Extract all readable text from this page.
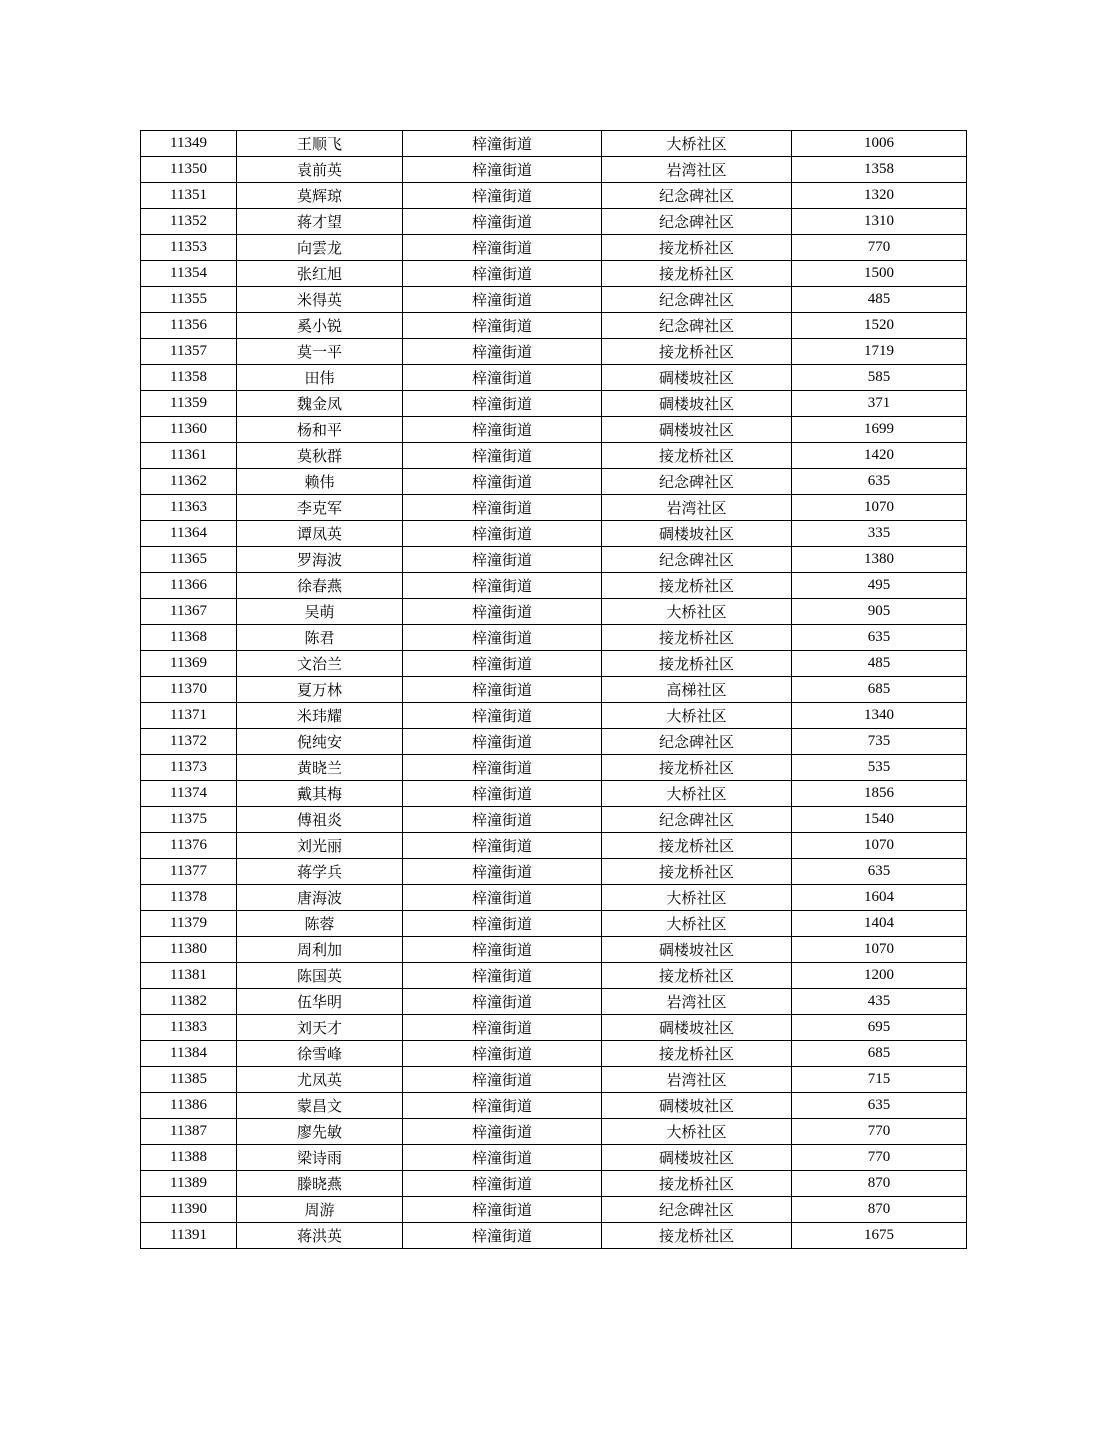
11349	王顺飞	梓潼街道	大桥社区	1006
11350	袁前英	梓潼街道	岩湾社区	1358
11351	莫辉琼	梓潼街道	纪念碑社区	1320
11352	蒋才望	梓潼街道	纪念碑社区	1310
11353	向雲龙	梓潼街道	接龙桥社区	770
11354	张红旭	梓潼街道	接龙桥社区	1500
11355	米得英	梓潼街道	纪念碑社区	485
11356	奚小锐	梓潼街道	纪念碑社区	1520
11357	莫一平	梓潼街道	接龙桥社区	1719
11358	田伟	梓潼街道	碉楼坡社区	585
11359	魏金凤	梓潼街道	碉楼坡社区	371
11360	杨和平	梓潼街道	碉楼坡社区	1699
11361	莫秋群	梓潼街道	接龙桥社区	1420
11362	赖伟	梓潼街道	纪念碑社区	635
11363	李克军	梓潼街道	岩湾社区	1070
11364	谭凤英	梓潼街道	碉楼坡社区	335
11365	罗海波	梓潼街道	纪念碑社区	1380
11366	徐春燕	梓潼街道	接龙桥社区	495
11367	吴萌	梓潼街道	大桥社区	905
11368	陈君	梓潼街道	接龙桥社区	635
11369	文治兰	梓潼街道	接龙桥社区	485
11370	夏万林	梓潼街道	高梯社区	685
11371	米玮耀	梓潼街道	大桥社区	1340
11372	倪纯安	梓潼街道	纪念碑社区	735
11373	黄晓兰	梓潼街道	接龙桥社区	535
11374	戴其梅	梓潼街道	大桥社区	1856
11375	傅祖炎	梓潼街道	纪念碑社区	1540
11376	刘光丽	梓潼街道	接龙桥社区	1070
11377	蒋学兵	梓潼街道	接龙桥社区	635
11378	唐海波	梓潼街道	大桥社区	1604
11379	陈蓉	梓潼街道	大桥社区	1404
11380	周利加	梓潼街道	碉楼坡社区	1070
11381	陈国英	梓潼街道	接龙桥社区	1200
11382	伍华明	梓潼街道	岩湾社区	435
11383	刘天才	梓潼街道	碉楼坡社区	695
11384	徐雪峰	梓潼街道	接龙桥社区	685
11385	尤凤英	梓潼街道	岩湾社区	715
11386	蒙昌文	梓潼街道	碉楼坡社区	635
11387	廖先敏	梓潼街道	大桥社区	770
11388	梁诗雨	梓潼街道	碉楼坡社区	770
11389	滕晓燕	梓潼街道	接龙桥社区	870
11390	周游	梓潼街道	纪念碑社区	870
11391	蒋洪英	梓潼街道	接龙桥社区	1675
